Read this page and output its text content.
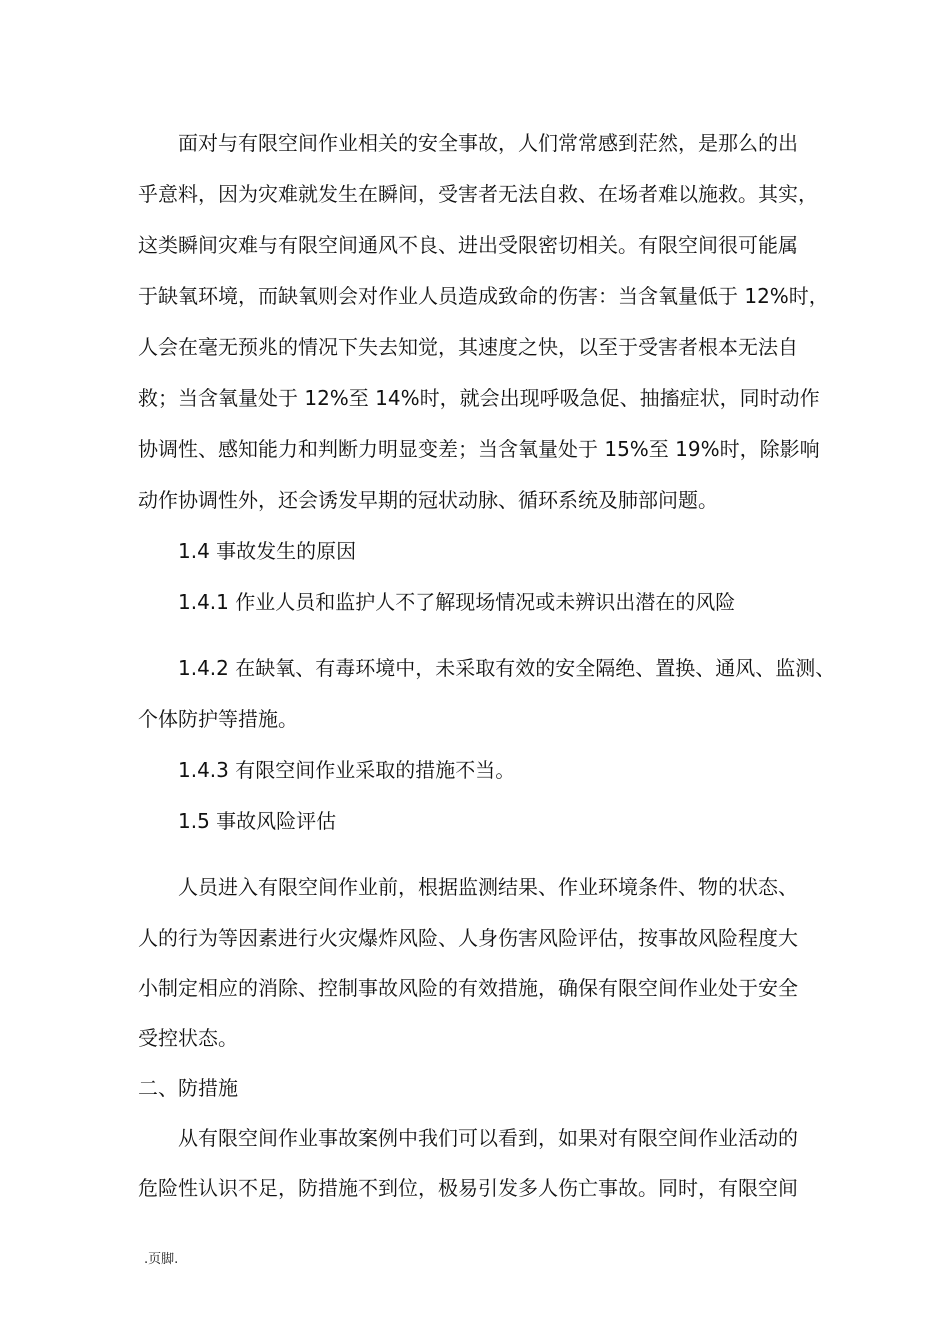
　　面对与有限空间作业相关的安全事故，人们常常感到茫然，是那么的出
乎意料，因为灾难就发生在瞬间，受害者无法自救、在场者难以施救。其实，
这类瞬间灾难与有限空间通风不良、进出受限密切相关。有限空间很可能属
于缺氧环境，而缺氧则会对作业人员造成致命的伤害：当含氧量低于 12%时，
人会在毫无预兆的情况下失去知觉，其速度之快，以至于受害者根本无法自
救；当含氧量处于 12%至 14%时，就会出现呼吸急促、抽搐症状，同时动作
协调性、感知能力和判断力明显变差；当含氧量处于 15%至 19%时，除影响
动作协调性外，还会诱发早期的冠状动脉、循环系统及肺部问题。
　　1.4 事故发生的原因
　　1.4.1 作业人员和监护人不了解现场情况或未辨识出潜在的风险
　　1.4.2 在缺氧、有毒环境中，未采取有效的安全隔绝、置换、通风、监测、
个体防护等措施。
　　1.4.3 有限空间作业采取的措施不当。
　　1.5 事故风险评估
　　人员进入有限空间作业前，根据监测结果、作业环境条件、物的状态、
人的行为等因素进行火灾爆炸风险、人身伤害风险评估，按事故风险程度大
小制定相应的消除、控制事故风险的有效措施，确保有限空间作业处于安全
受控状态。
二、防措施
　　从有限空间作业事故案例中我们可以看到，如果对有限空间作业活动的
危险性认识不足，防措施不到位，极易引发多人伤亡事故。同时，有限空间
.页脚.
